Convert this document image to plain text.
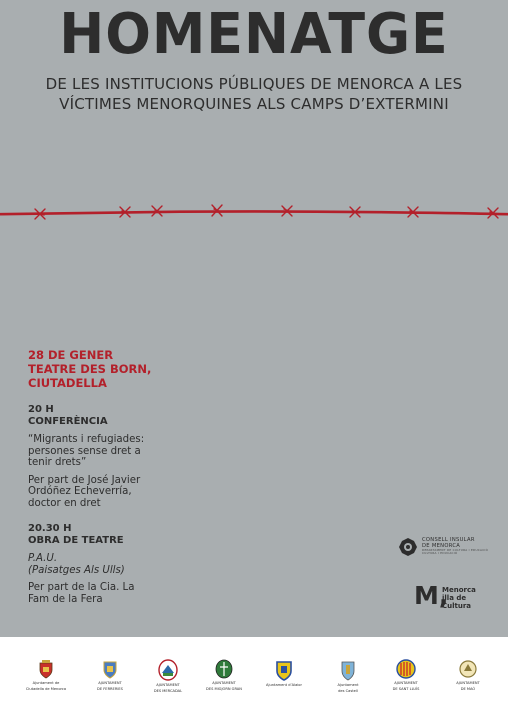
HOMENATGE
DE LES INSTITUCIONS PÚBLIQUES DE MENORCA A LES
VÍCTIMES MENORQUINES ALS CAMPS D’EXTERMINI
28 DE GENER
TEATRE DES BORN,
CIUTADELLA
20 H
CONFERÈNCIA
“Migrants i refugiades:
persones sense dret a
tenir drets”
Per part de José Javier
Ordóñez Echeverría,
doctor en dret
20.30 H
OBRA DE TEATRE
P.A.U.
(Paisatges Als Ulls)
Per part de la Cia. La
Fam de la Fera
CONSELL INSULAR
DE MENORCA
DEPARTAMENT DE CULTURA I EDUCACIÓ
CULTURA I EDUCACIÓ
M,
Menorca
illa de
Cultura
Ajuntament de
Ciutadella de Menorca
AJUNTAMENT
DE FERRERIES
AJUNTAMENT
DES MERCADAL
AJUNTAMENT
DES MIGJORN GRAN
Ajuntament d’Alaior	Ajuntament
des Castell
AJUNTAMENT
DE SANT LLUÍS
AJUNTAMENT
DE MAÓ
